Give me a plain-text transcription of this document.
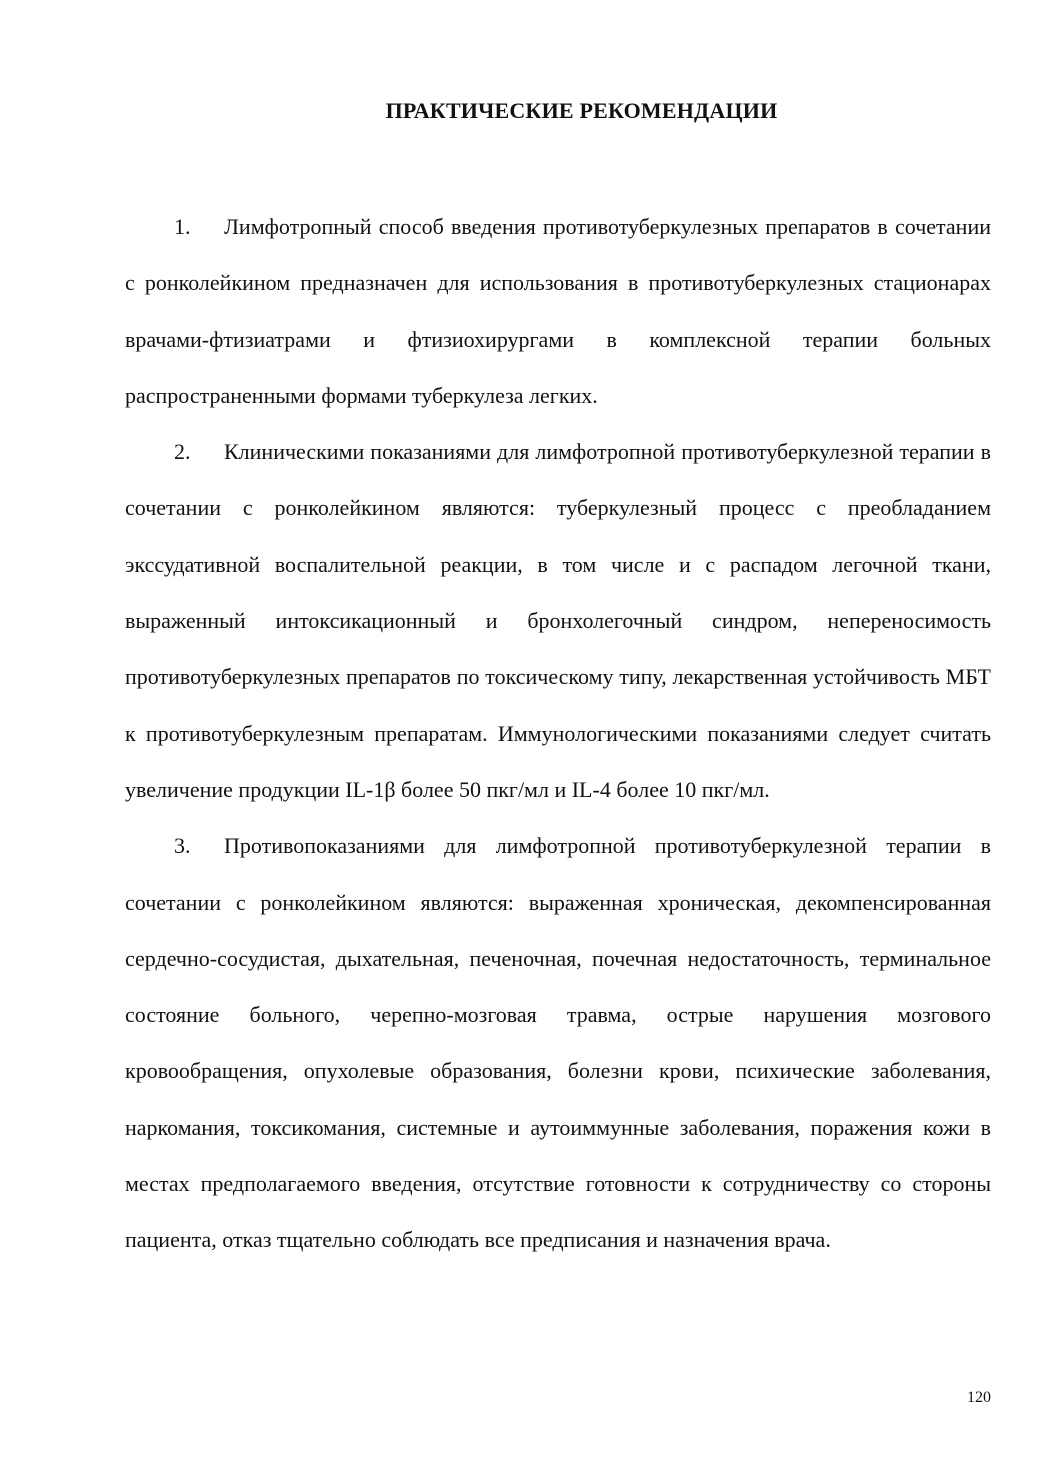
ПРАКТИЧЕСКИЕ РЕКОМЕНДАЦИИ

1. Лимфотропный способ введения противотуберкулезных препаратов в сочетании с ронколейкином предназначен для использования в противотуберкулезных стационарах врачами-фтизиатрами и фтизиохирургами в комплексной терапии больных распространенными формами туберкулеза легких.

2. Клиническими показаниями для лимфотропной противотуберкулезной терапии в сочетании с ронколейкином являются: туберкулезный процесс с преобладанием экссудативной воспалительной реакции, в том числе и с распадом легочной ткани, выраженный интоксикационный и бронхолегочный синдром, непереносимость противотуберкулезных препаратов по токсическому типу, лекарственная устойчивость МБТ к противотуберкулезным препаратам. Иммунологическими показаниями следует считать увеличение продукции IL-1β более 50 пкг/мл и IL-4 более 10 пкг/мл.

3. Противопоказаниями для лимфотропной противотуберкулезной терапии в сочетании с ронколейкином являются: выраженная хроническая, декомпенсированная сердечно-сосудистая, дыхательная, печеночная, почечная недостаточность, терминальное состояние больного, черепно-мозговая травма, острые нарушения мозгового кровообращения, опухолевые образования, болезни крови, психические заболевания, наркомания, токсикомания, системные и аутоиммунные заболевания, поражения кожи в местах предполагаемого введения, отсутствие готовности к сотрудничеству со стороны пациента, отказ тщательно соблюдать все предписания и назначения врача.

120
